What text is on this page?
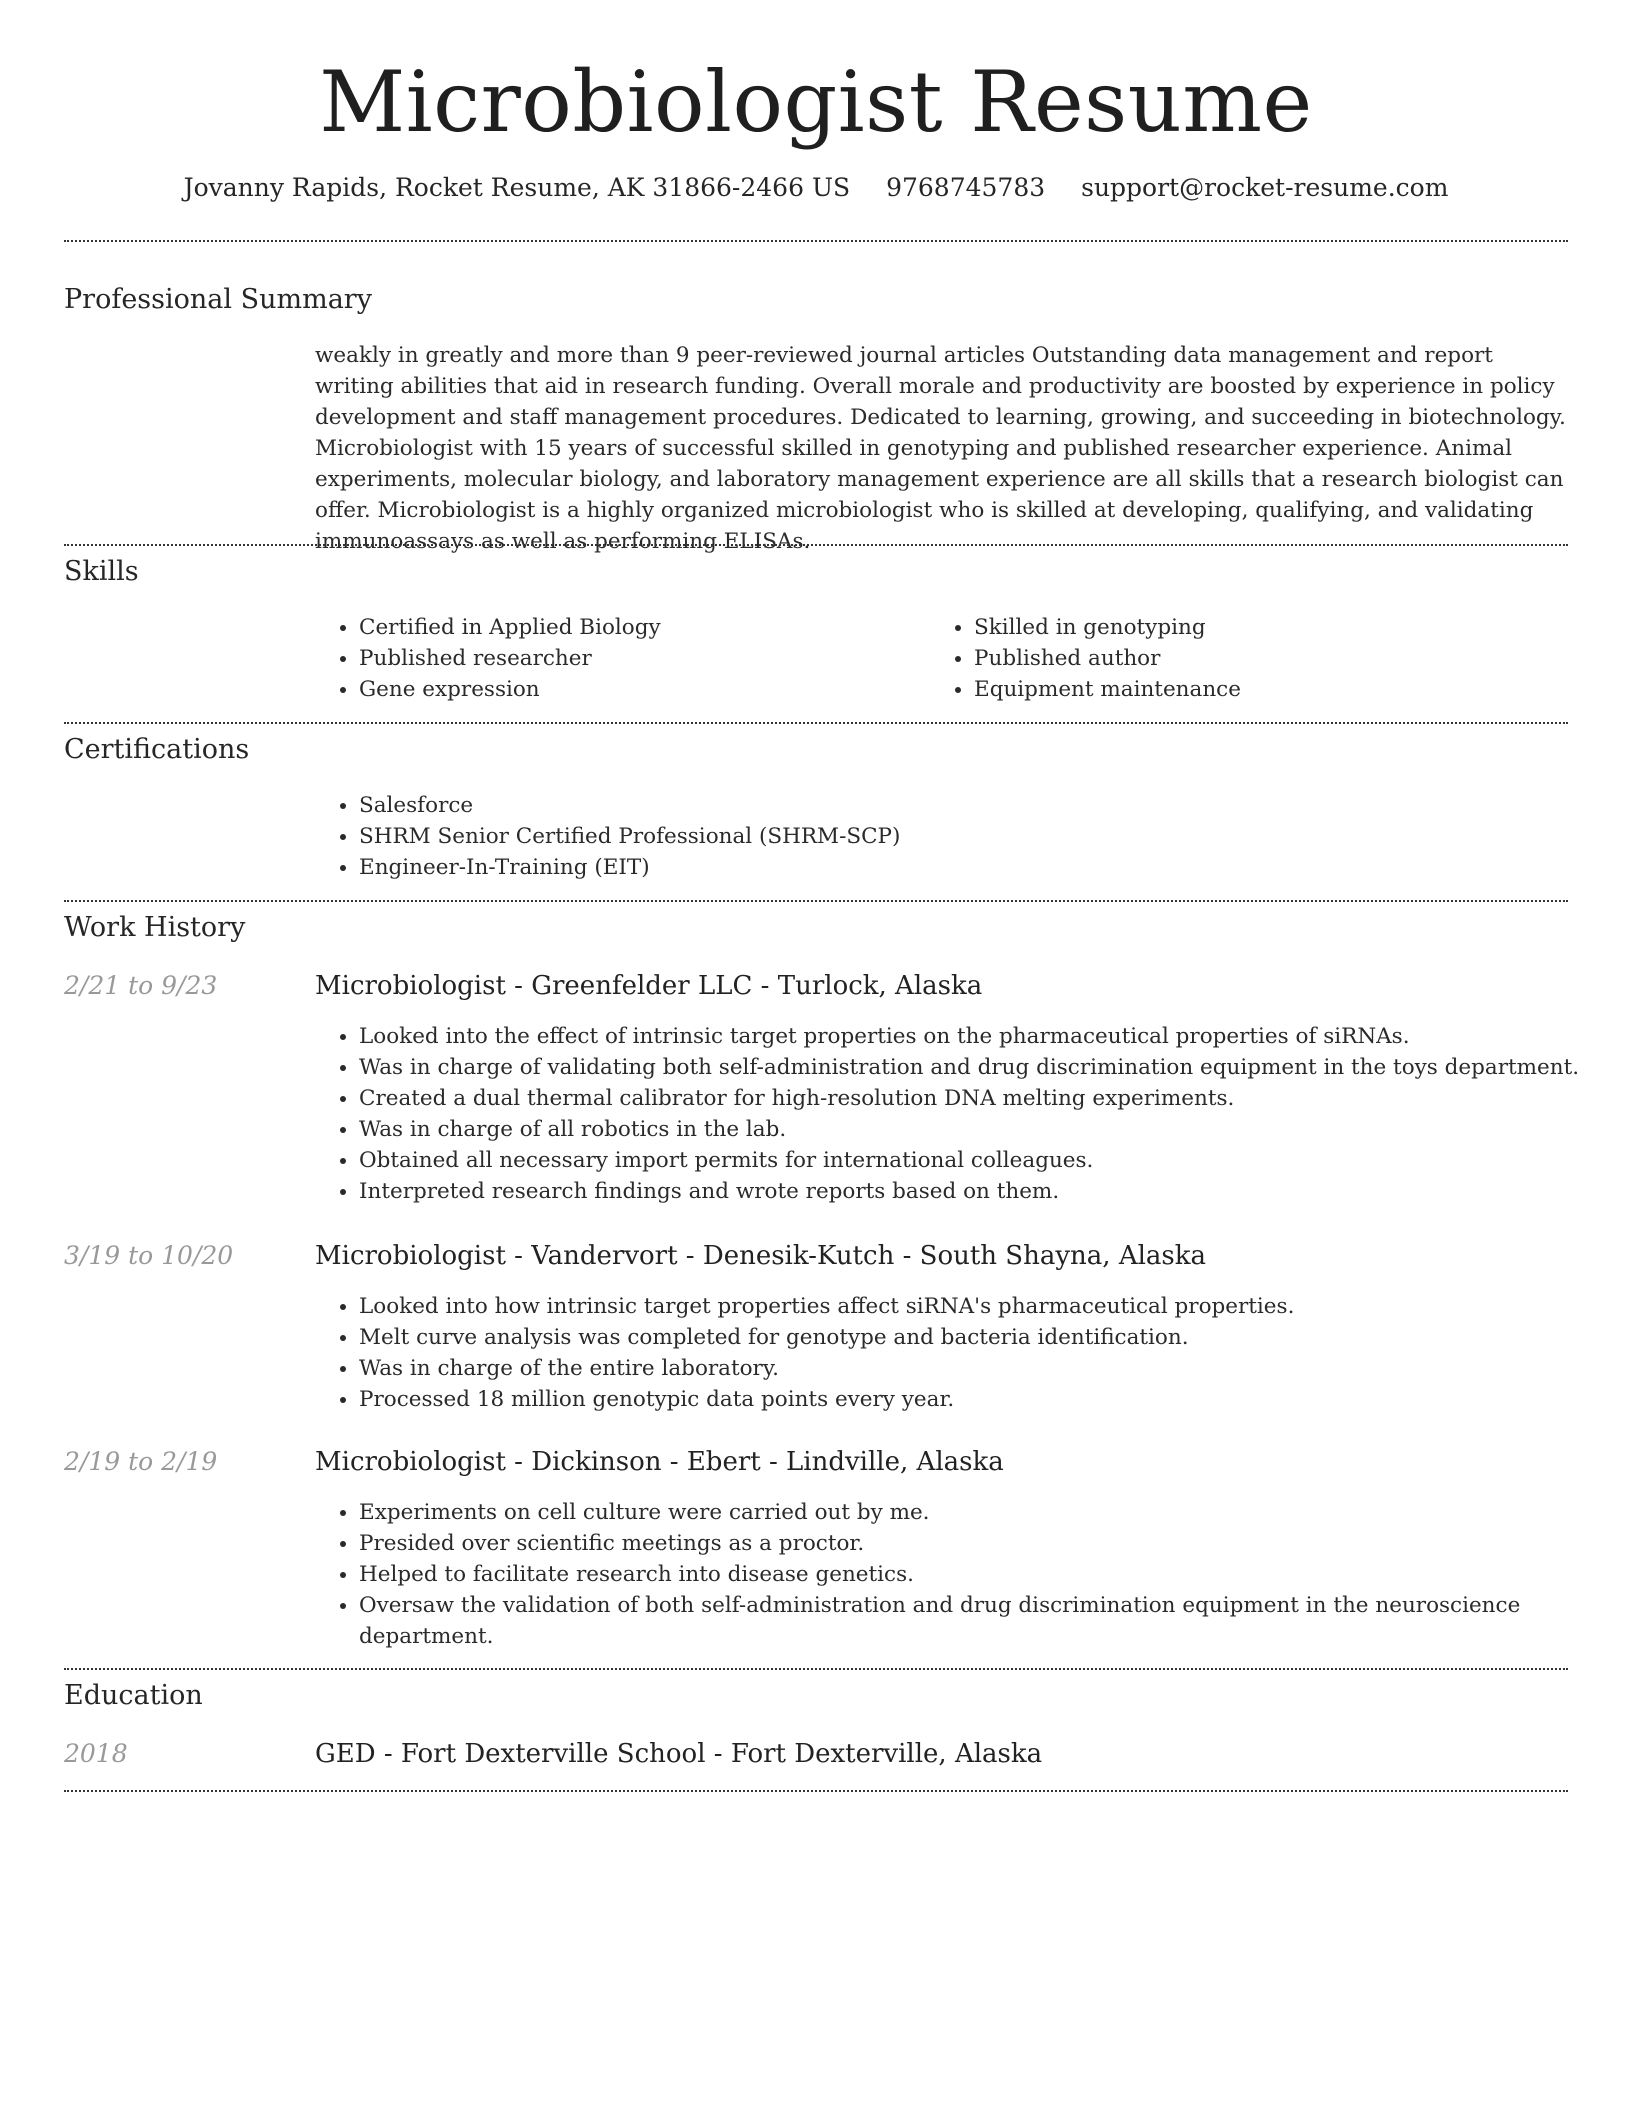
Microbiologist Resume
Jovanny Rapids, Rocket Resume, AK 31866-2466 US 9768745783 support@rocket-resume.com
Professional Summary
weakly in greatly and more than 9 peer-reviewed journal articles Outstanding data management and report writing abilities that aid in research funding. Overall morale and productivity are boosted by experience in policy development and staff management procedures. Dedicated to learning, growing, and succeeding in biotechnology. Microbiologist with 15 years of successful skilled in genotyping and published researcher experience. Animal experiments, molecular biology, and laboratory management experience are all skills that a research biologist can offer. Microbiologist is a highly organized microbiologist who is skilled at developing, qualifying, and validating immunoassays as well as performing ELISAs.
Skills
• Certified in Applied Biology
• Published researcher
• Gene expression
• Skilled in genotyping
• Published author
• Equipment maintenance
Certifications
• Salesforce
• SHRM Senior Certified Professional (SHRM-SCP)
• Engineer-In-Training (EIT)
Work History
2/21 to 9/23	Microbiologist - Greenfelder LLC - Turlock, Alaska
• Looked into the effect of intrinsic target properties on the pharmaceutical properties of siRNAs.
• Was in charge of validating both self-administration and drug discrimination equipment in the toys department.
• Created a dual thermal calibrator for high-resolution DNA melting experiments.
• Was in charge of all robotics in the lab.
• Obtained all necessary import permits for international colleagues.
• Interpreted research findings and wrote reports based on them.
3/19 to 10/20	Microbiologist - Vandervort - Denesik-Kutch - South Shayna, Alaska
• Looked into how intrinsic target properties affect siRNA's pharmaceutical properties.
• Melt curve analysis was completed for genotype and bacteria identification.
• Was in charge of the entire laboratory.
• Processed 18 million genotypic data points every year.
2/19 to 2/19	Microbiologist - Dickinson - Ebert - Lindville, Alaska
• Experiments on cell culture were carried out by me.
• Presided over scientific meetings as a proctor.
• Helped to facilitate research into disease genetics.
• Oversaw the validation of both self-administration and drug discrimination equipment in the neuroscience department.
Education
2018	GED - Fort Dexterville School - Fort Dexterville, Alaska
